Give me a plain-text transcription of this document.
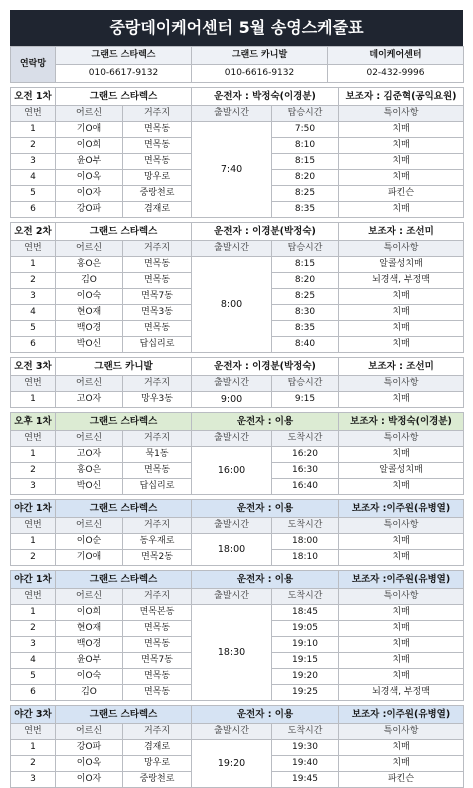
중랑데이케어센터 5월 송영스케줄표
연락망	그랜드 스타렉스	그랜드 카니발	데이케어센터
	010-6617-9132	010-6616-9132	02-432-9996
오전 1차	그랜드 스타렉스		운전자 : 박정숙(이경분)		보조자 : 김준혁(공익요원)
연번	어르신	거주지	출발시간	탑승시간	특이사항
1	기O애	면목동	7:40	7:50	치매
2	이O희	면목동		8:10	치매
3	윤O부	면목동		8:15	치매
4	이O옥	망우로		8:20	치매
5	이O자	중랑천로		8:25	파킨슨
6	강O파	겸재로		8:35	치매
오전 2차	그랜드 스타렉스		운전자 : 이경분(박정숙)		보조자 : 조선미
연번	어르신	거주지	출발시간	탑승시간	특이사항
1	홍O은	면목동	8:00	8:15	알콜성치매
2	김O	면목동		8:20	뇌경색, 부정맥
3	이O숙	면목7동		8:25	치매
4	현O재	면목3동		8:30	치매
5	백O경	면목동		8:35	치매
6	박O신	답십리로		8:40	치매
오전 3차	그랜드 카니발		운전자 : 이경분(박정숙)		보조자 : 조선미
연번	어르신	거주지	출발시간	탑승시간	특이사항
1	고O자	망우3동	9:00	9:15	치매
오후 1차	그랜드 스타렉스		운전자 : 이용		보조자 : 박정숙(이경분)
연번	어르신	거주지	출발시간	도착시간	특이사항
1	고O자	묵1동	16:00	16:20	치매
2	홍O은	면목동		16:30	알콜성치매
3	박O신	답십리로		16:40	치매
야간 1차	그랜드 스타렉스		운전자 : 이용		보조자 :이주원(유병열)
연번	어르신	거주지	출발시간	도착시간	특이사항
1	이O순	동우재로	18:00	18:00	치매
2	기O애	면목2동		18:10	치매
야간 1차	그랜드 스타렉스		운전자 : 이용		보조자 :이주원(유병열)
연번	어르신	거주지	출발시간	도착시간	특이사항
1	이O희	면목본동	18:30	18:45	치매
2	현O재	면목동		19:05	치매
3	백O경	면목동		19:10	치매
4	윤O부	면목7동		19:15	치매
5	이O숙	면목동		19:20	치매
6	김O	면목동		19:25	뇌경색, 부정맥
야간 3차	그랜드 스타렉스		운전자 : 이용		보조자 :이주원(유병열)
연번	어르신	거주지	출발시간	도착시간	특이사항
1	강O파	겸재로	19:20	19:30	치매
2	이O옥	망우로		19:40	치매
3	이O자	중랑천로		19:45	파킨슨
